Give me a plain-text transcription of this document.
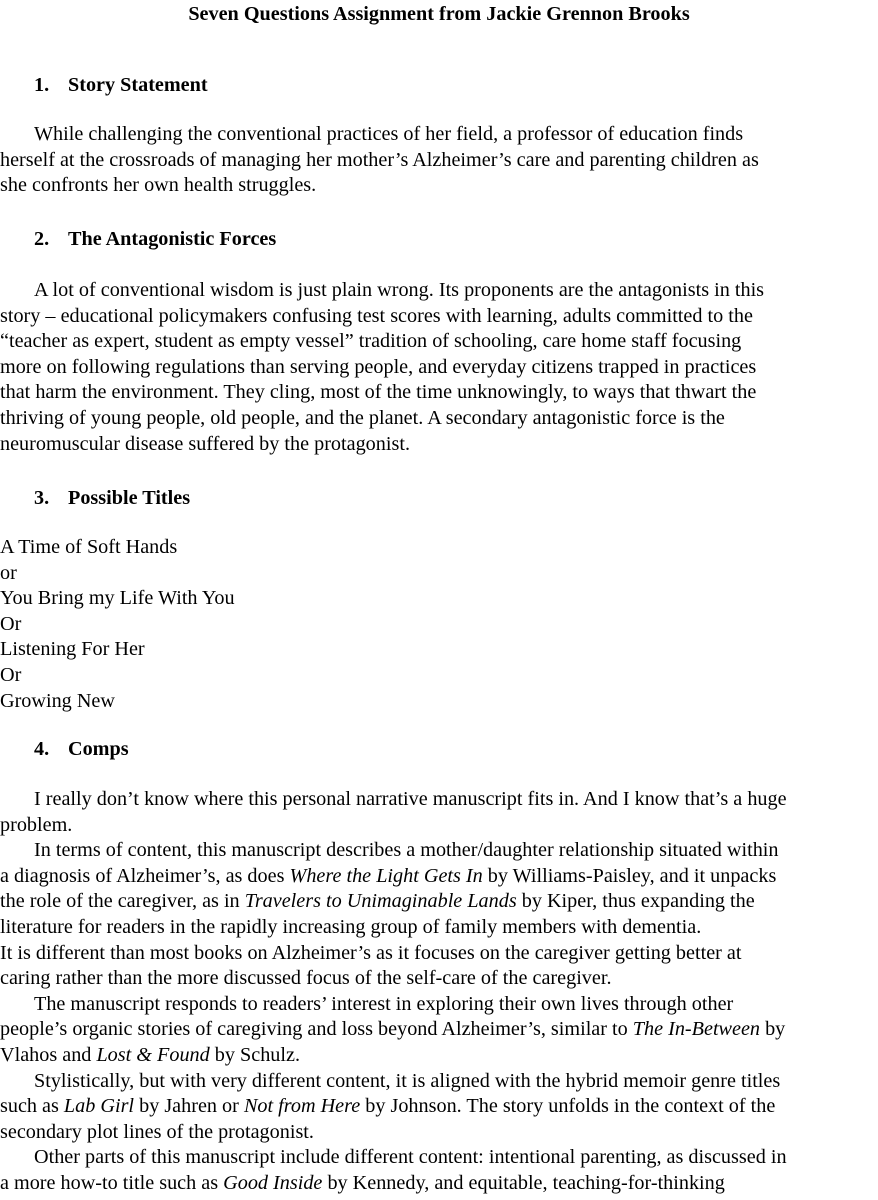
Seven Questions Assignment from Jackie Grennon Brooks
1. Story Statement
While challenging the conventional practices of her field, a professor of education finds
herself at the crossroads of managing her mother’s Alzheimer’s care and parenting children as
she confronts her own health struggles.
2. The Antagonistic Forces
A lot of conventional wisdom is just plain wrong. Its proponents are the antagonists in this
story – educational policymakers confusing test scores with learning, adults committed to the
“teacher as expert, student as empty vessel” tradition of schooling, care home staff focusing
more on following regulations than serving people, and everyday citizens trapped in practices
that harm the environment. They cling, most of the time unknowingly, to ways that thwart the
thriving of young people, old people, and the planet. A secondary antagonistic force is the
neuromuscular disease suffered by the protagonist.
3. Possible Titles
A Time of Soft Hands
or
You Bring my Life With You
Or
Listening For Her
Or
Growing New
4. Comps
I really don’t know where this personal narrative manuscript fits in. And I know that’s a huge
problem.
In terms of content, this manuscript describes a mother/daughter relationship situated within
a diagnosis of Alzheimer’s, as does Where the Light Gets In by Williams-Paisley, and it unpacks
the role of the caregiver, as in Travelers to Unimaginable Lands by Kiper, thus expanding the
literature for readers in the rapidly increasing group of family members with dementia.
It is different than most books on Alzheimer’s as it focuses on the caregiver getting better at
caring rather than the more discussed focus of the self-care of the caregiver.
The manuscript responds to readers’ interest in exploring their own lives through other
people’s organic stories of caregiving and loss beyond Alzheimer’s, similar to The In-Between by
Vlahos and Lost & Found by Schulz.
Stylistically, but with very different content, it is aligned with the hybrid memoir genre titles
such as Lab Girl by Jahren or Not from Here by Johnson. The story unfolds in the context of the
secondary plot lines of the protagonist.
Other parts of this manuscript include different content: intentional parenting, as discussed in
a more how-to title such as Good Inside by Kennedy, and equitable, teaching-for-thinking
